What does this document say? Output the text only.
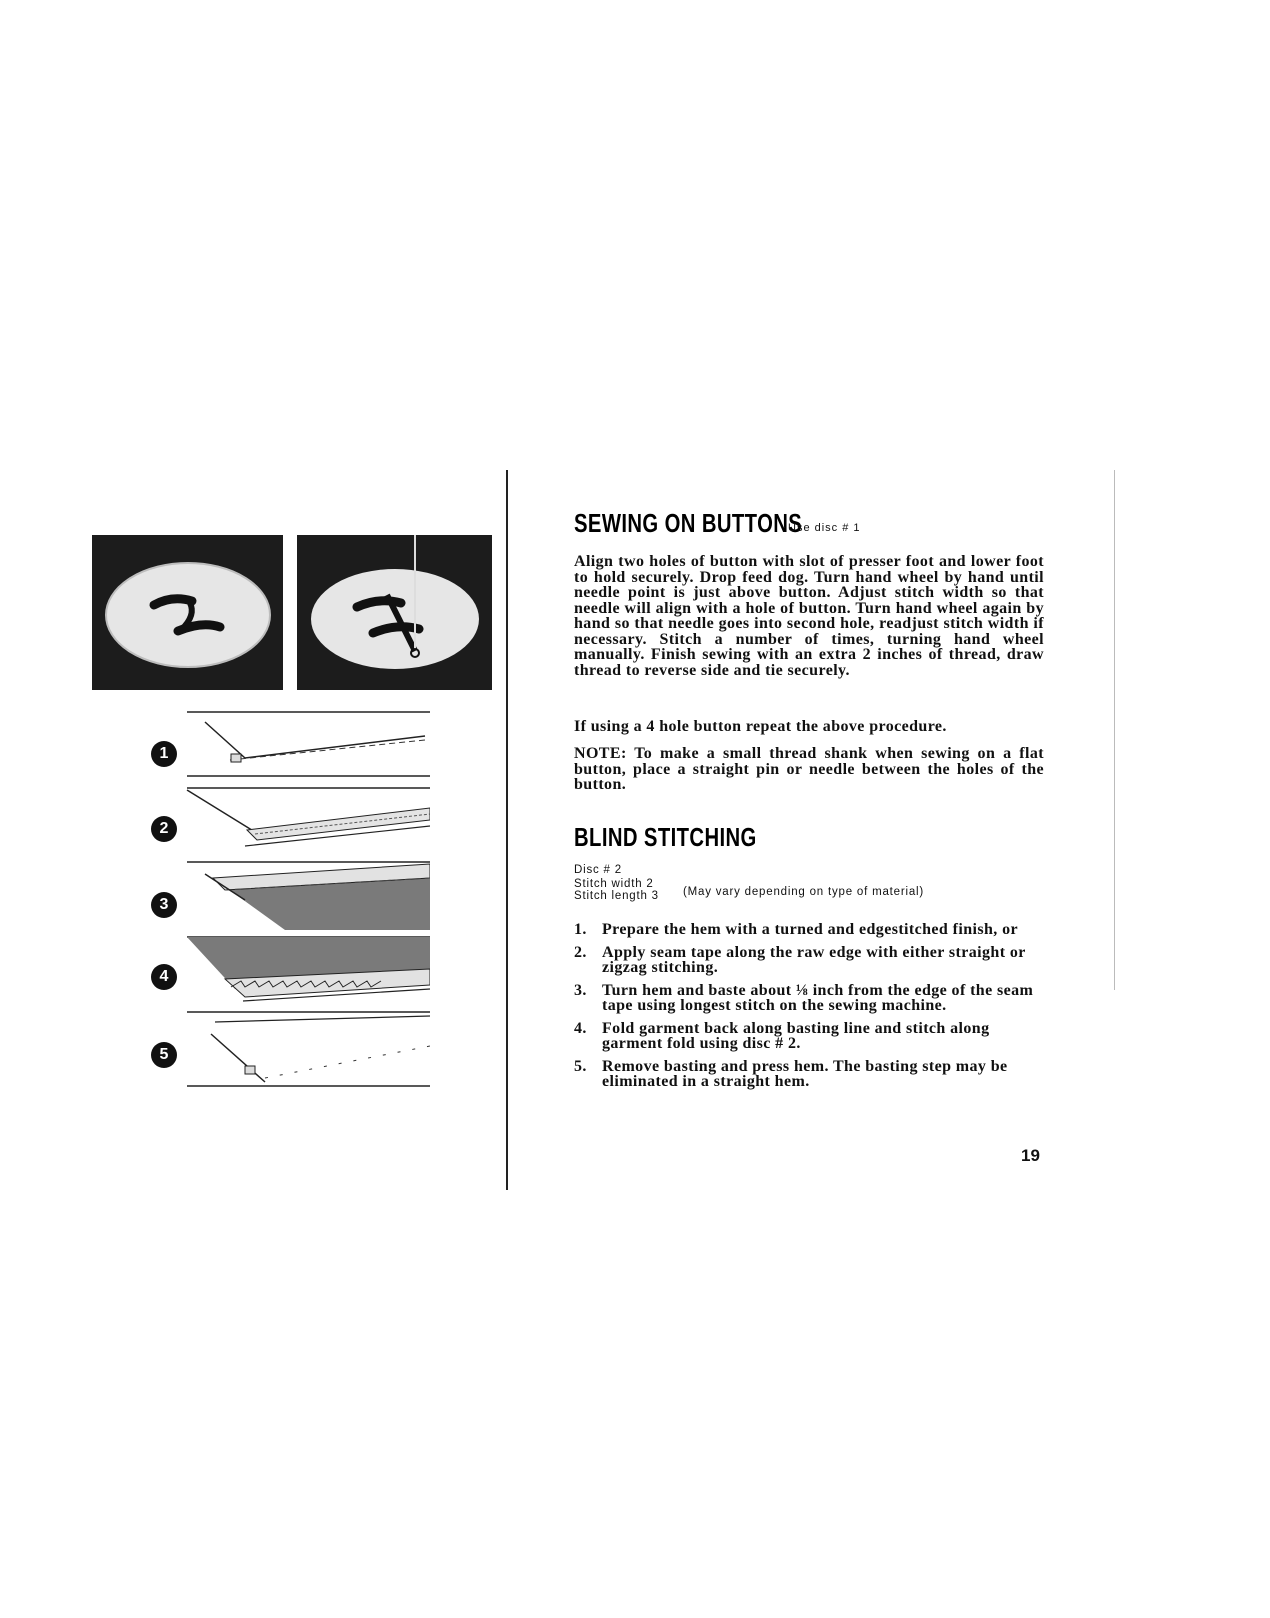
1
2
3
4
5
SEWING ON BUTTONS
Use disc # 1

Align two holes of button with slot of presser foot and lower foot to hold securely. Drop feed dog. Turn hand wheel by hand until needle point is just above button. Adjust stitch width so that needle will align with a hole of button. Turn hand wheel again by hand so that needle goes into second hole, readjust stitch width if necessary. Stitch a number of times, turning hand wheel manually. Finish sewing with an extra 2 inches of thread, draw thread to reverse side and tie securely.

If using a 4 hole button repeat the above procedure.

NOTE: To make a small thread shank when sewing on a flat button, place a straight pin or needle between the holes of the button.

BLIND STITCHING
Disc # 2
Stitch width 2
Stitch length 3 (May vary depending on type of material)
1. Prepare the hem with a turned and edgestitched finish, or
2. Apply seam tape along the raw edge with either straight or zigzag stitching.
3. Turn hem and baste about ⅛ inch from the edge of the seam tape using longest stitch on the sewing machine.
4. Fold garment back along basting line and stitch along garment fold using disc # 2.
5. Remove basting and press hem. The basting step may be eliminated in a straight hem.
19
